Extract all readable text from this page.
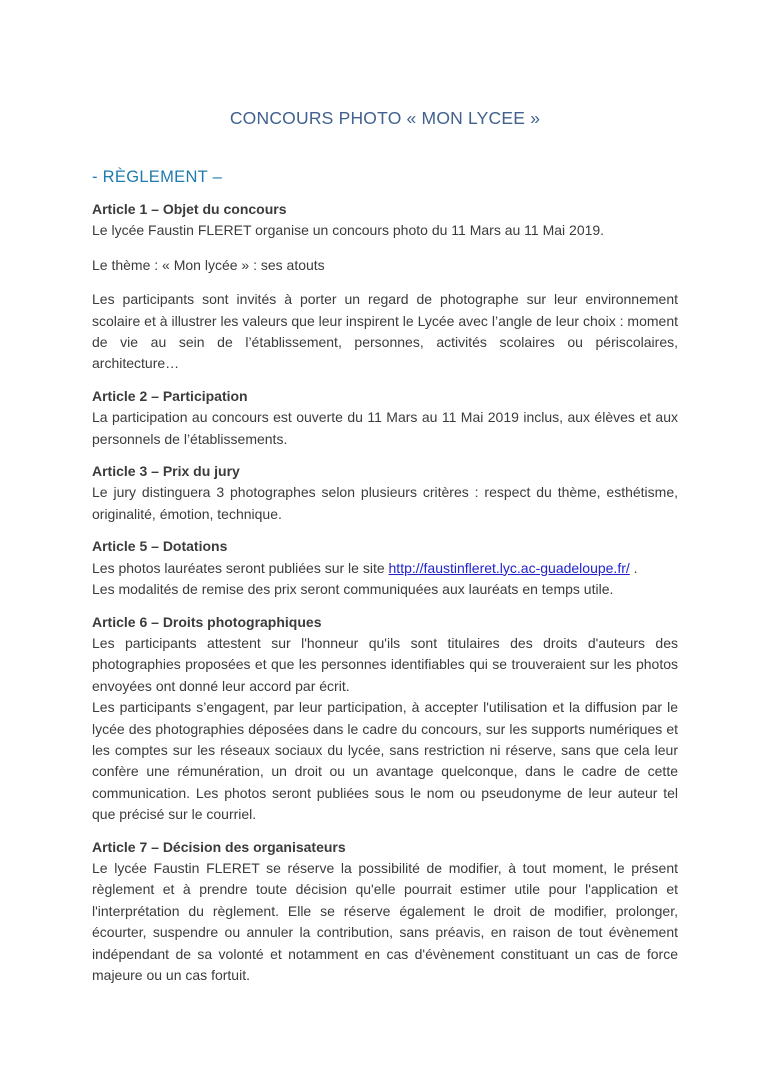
CONCOURS PHOTO « MON LYCEE »
- RÈGLEMENT –
Article 1 – Objet du concours

Le lycée Faustin FLERET organise un concours photo du 11 Mars au 11 Mai 2019.

Le thème : « Mon lycée » : ses atouts

Les participants sont invités à porter un regard de photographe sur leur environnement scolaire et à illustrer les valeurs que leur inspirent le Lycée avec l’angle de leur choix : moment de vie au sein de l’établissement, personnes, activités scolaires ou périscolaires, architecture…

Article 2 – Participation

La participation au concours est ouverte du 11 Mars au 11 Mai 2019 inclus, aux élèves et aux personnels de l’établissements.

Article 3 – Prix du jury

Le jury distinguera 3 photographes selon plusieurs critères : respect du thème, esthétisme, originalité, émotion, technique.

Article 5 – Dotations

Les photos lauréates seront publiées sur le site http://faustinfleret.lyc.ac-guadeloupe.fr/ .

Les modalités de remise des prix seront communiquées aux lauréats en temps utile.

Article 6 – Droits photographiques

Les participants attestent sur l'honneur qu'ils sont titulaires des droits d'auteurs des photographies proposées et que les personnes identifiables qui se trouveraient sur les photos envoyées ont donné leur accord par écrit.

Les participants s’engagent, par leur participation, à accepter l'utilisation et la diffusion par le lycée des photographies déposées dans le cadre du concours, sur les supports numériques et les comptes sur les réseaux sociaux du lycée, sans restriction ni réserve, sans que cela leur confère une rémunération, un droit ou un avantage quelconque, dans le cadre de cette communication. Les photos seront publiées sous le nom ou pseudonyme de leur auteur tel que précisé sur le courriel.

Article 7 – Décision des organisateurs

Le lycée Faustin FLERET se réserve la possibilité de modifier, à tout moment, le présent règlement et à prendre toute décision qu'elle pourrait estimer utile pour l'application et l'interprétation du règlement. Elle se réserve également le droit de modifier, prolonger, écourter, suspendre ou annuler la contribution, sans préavis, en raison de tout évènement indépendant de sa volonté et notamment en cas d'évènement constituant un cas de force majeure ou un cas fortuit.
